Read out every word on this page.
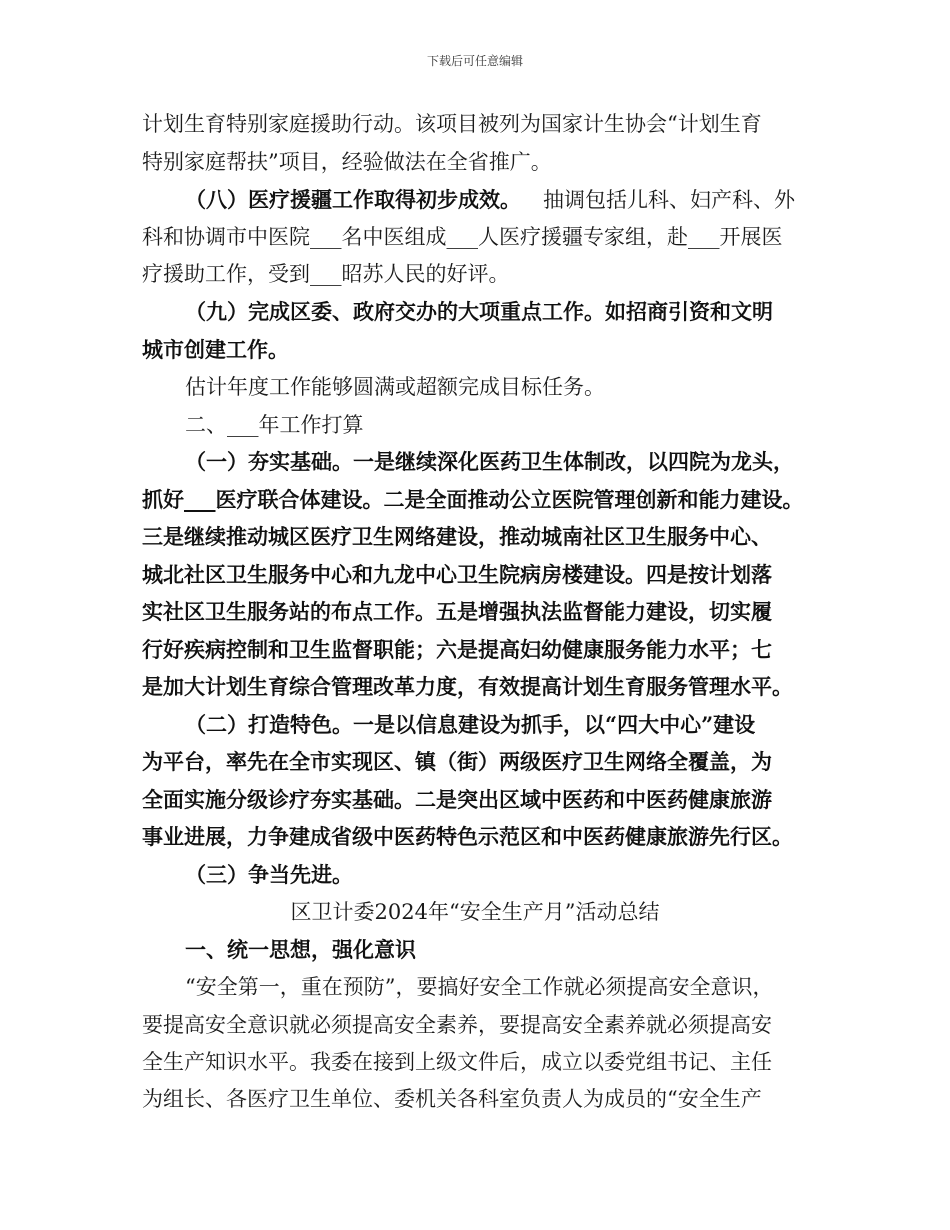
下载后可任意编辑
计划生育特别家庭援助行动。该项目被列为国家计生协会“计划生育
特别家庭帮扶”项目，经验做法在全省推广。
（八）医疗援疆工作取得初步成效。 抽调包括儿科、妇产科、外
科和协调市中医院___名中医组成___人医疗援疆专家组，赴___开展医
疗援助工作，受到___昭苏人民的好评。
（九）完成区委、政府交办的大项重点工作。如招商引资和文明
城市创建工作。
估计年度工作能够圆满或超额完成目标任务。
二、___年工作打算
（一）夯实基础。一是继续深化医药卫生体制改，以四院为龙头，
抓好___医疗联合体建设。二是全面推动公立医院管理创新和能力建设。
三是继续推动城区医疗卫生网络建设，推动城南社区卫生服务中心、
城北社区卫生服务中心和九龙中心卫生院病房楼建设。四是按计划落
实社区卫生服务站的布点工作。五是增强执法监督能力建设，切实履
行好疾病控制和卫生监督职能；六是提高妇幼健康服务能力水平；七
是加大计划生育综合管理改革力度，有效提高计划生育服务管理水平。
（二）打造特色。一是以信息建设为抓手，以“四大中心”建设
为平台，率先在全市实现区、镇（街）两级医疗卫生网络全覆盖，为
全面实施分级诊疗夯实基础。二是突出区域中医药和中医药健康旅游
事业进展，力争建成省级中医药特色示范区和中医药健康旅游先行区。
（三）争当先进。
区卫计委2024年“安全生产月”活动总结
一、统一思想，强化意识
“安全第一，重在预防”，要搞好安全工作就必须提高安全意识，
要提高安全意识就必须提高安全素养，要提高安全素养就必须提高安
全生产知识水平。我委在接到上级文件后，成立以委党组书记、主任
为组长、各医疗卫生单位、委机关各科室负责人为成员的“安全生产
